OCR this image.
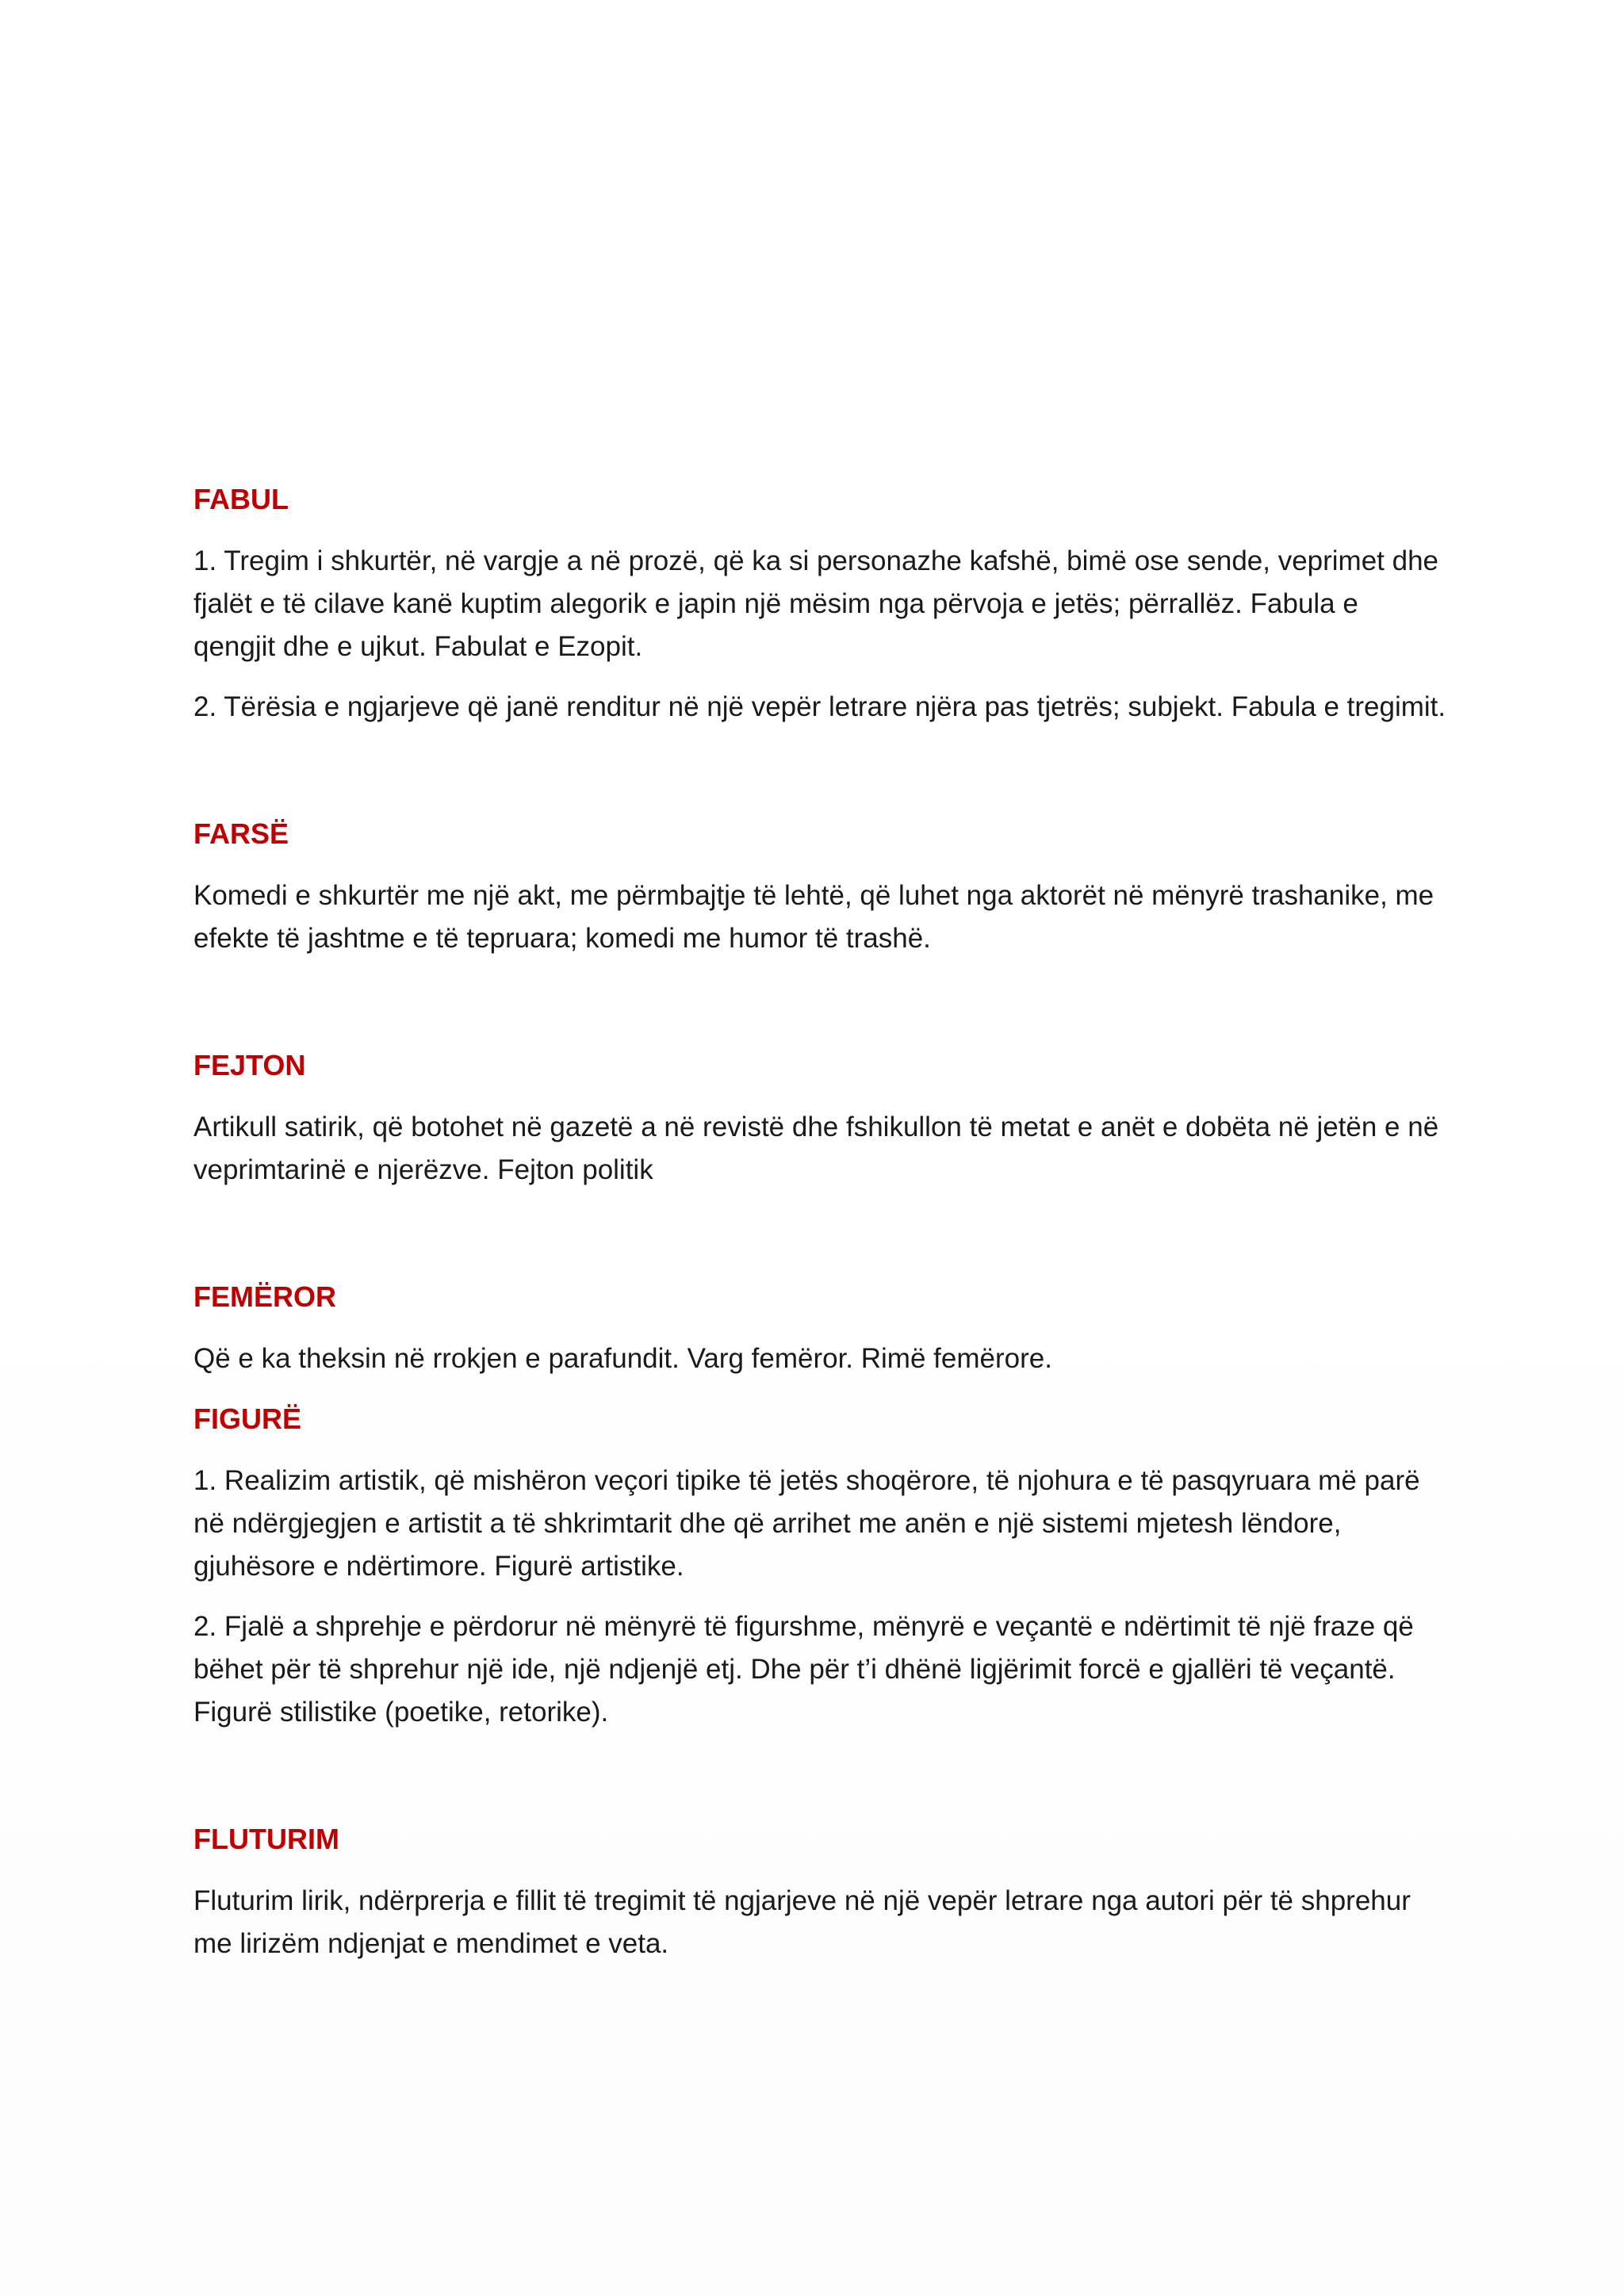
FABUL

1. Tregim i shkurtër, në vargje a në prozë, që ka si personazhe kafshë, bimë ose sende, veprimet dhe fjalët e të cilave kanë kuptim alegorik e japin një mësim nga përvoja e jetës; përrallëz. Fabula e qengjit dhe e ujkut. Fabulat e Ezopit.

2. Tërësia e ngjarjeve që janë renditur në një vepër letrare njëra pas tjetrës; subjekt. Fabula e tregimit.

FARSË

Komedi e shkurtër me një akt, me përmbajtje të lehtë, që luhet nga aktorët në mënyrë trashanike, me efekte të jashtme e të tepruara; komedi me humor të trashë.

FEJTON

Artikull satirik, që botohet në gazetë a në revistë dhe fshikullon të metat e anët e dobëta në jetën e në veprimtarinë e njerëzve. Fejton politik

FEMËROR

Që e ka theksin në rrokjen e parafundit. Varg femëror. Rimë femërore.

FIGURË

1. Realizim artistik, që mishëron veçori tipike të jetës shoqërore, të njohura e të pasqyruara më parë në ndërgjegjen e artistit a të shkrimtarit dhe që arrihet me anën e një sistemi mjetesh lëndore, gjuhësore e ndërtimore. Figurë artistike.

2. Fjalë a shprehje e përdorur në mënyrë të figurshme, mënyrë e veçantë e ndërtimit të një fraze që bëhet për të shprehur një ide, një ndjenjë etj. Dhe për t’i dhënë ligjërimit forcë e gjallëri të veçantë. Figurë stilistike (poetike, retorike).

FLUTURIM

Fluturim lirik, ndërprerja e fillit të tregimit të ngjarjeve në një vepër letrare nga autori për të shprehur me lirizëm ndjenjat e mendimet e veta.
